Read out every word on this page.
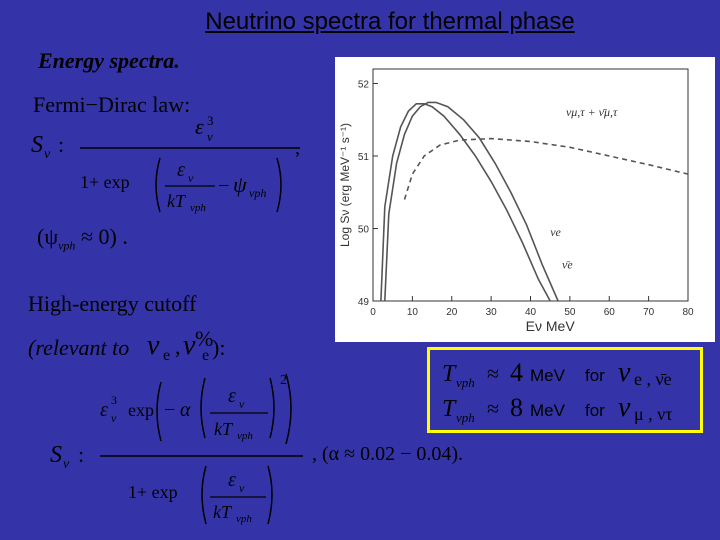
Neutrino spectra for thermal phase
Energy spectra.
Fermi−Dirac law:
S ν :
ε ν
3
,
1+ exp
ε ν
kT νph
− ψ νph
$(\psi_{\nu ph} \approx 0)$ .
High-energy cutoff
(relevant to ν e , ν %
e ):
S ν :
ε ν
3 exp − α
ε ν
kT νph
2
1+ exp
ε ν
kT νph
, (α ≈ 0.02 − 0.04).
0	10	20	30	40	50	60	70	80
49
50
51
52
Eν MeV
Log Sν (erg MeV⁻¹ s⁻¹)	νe
ν̄e
νμ,τ + ν̄μ,τ
T νph ≈ 4 MeV for ν e , ν̄e
T νph ≈ 8 MeV for ν μ , ντ
